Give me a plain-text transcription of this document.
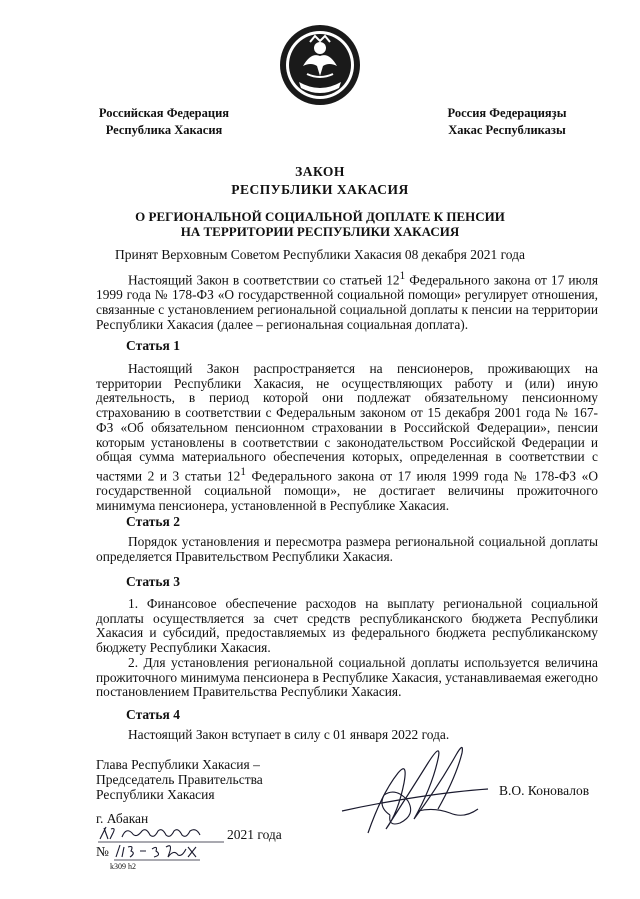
Российская Федерация
Республика Хакасия
Россия Федерацияҙы
Хакас Республиказы
ЗАКОН
РЕСПУБЛИКИ ХАКАСИЯ
О РЕГИОНАЛЬНОЙ СОЦИАЛЬНОЙ ДОПЛАТЕ К ПЕНСИИ
НА ТЕРРИТОРИИ РЕСПУБЛИКИ ХАКАСИЯ
Принят Верховным Советом Республики Хакасия 08 декабря 2021 года

Настоящий Закон в соответствии со статьей $12^1$ Федерального закона от 17 июля 1999 года № 178-ФЗ «О государственной социальной помощи» регулирует отношения, связанные с установлением региональной социальной доплаты к пенсии на территории Республики Хакасия (далее – региональная социальная доплата).

Статья 1

Настоящий Закон распространяется на пенсионеров, проживающих на территории Республики Хакасия, не осуществляющих работу и (или) иную деятельность, в период которой они подлежат обязательному пенсионному страхованию в соответствии с Федеральным законом от 15 декабря 2001 года № 167-ФЗ «Об обязательном пенсионном страховании в Российской Федерации», пенсии которым установлены в соответствии с законодательством Российской Федерации и общая сумма материального обеспечения которых, определенная в соответствии с частями 2 и 3 статьи $12^1$ Федерального закона от 17 июля 1999 года № 178-ФЗ «О государственной социальной помощи», не достигает величины прожиточного минимума пенсионера, установленной в Республике Хакасия.

Статья 2

Порядок установления и пересмотра размера региональной социальной доплаты определяется Правительством Республики Хакасия.

Статья 3

1. Финансовое обеспечение расходов на выплату региональной социальной доплаты осуществляется за счет средств республиканского бюджета Республики Хакасия и субсидий, предоставляемых из федерального бюджета республиканскому бюджету Республики Хакасия.

2. Для установления региональной социальной доплаты используется величина прожиточного минимума пенсионера в Республике Хакасия, устанавливаемая ежегодно постановлением Правительства Республики Хакасия.

Статья 4

Настоящий Закон вступает в силу с 01 января 2022 года.

Глава Республики Хакасия –
Председатель Правительства
Республики Хакасия	В.О. Коновалов
г. Абакан
2021 года
№
k309 h2
